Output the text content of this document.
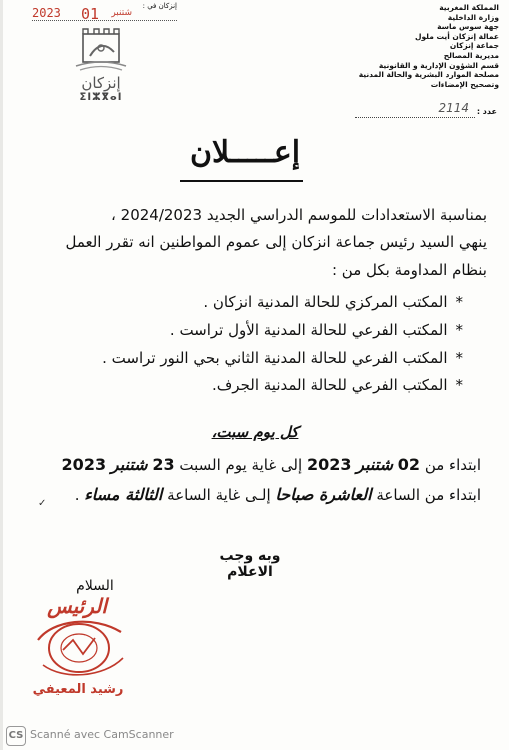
إنزكان في :
01 شتنبر
2023
إنزكان
ⵉⵏⵣⴳⴰⵏ
المملكة المغربية
وزارة الداخلية
جهة سوس ماسة
عمالة إنزكان أيت ملول
جماعة إنزكان
مديرية المصالح
قسم الشؤون الإدارية و القانونية
مصلحة الموارد البشرية والحالة المدنية
وتصحيح الإمضاءات
عدد :
2114
إعـــــلان
بمناسبة الاستعدادات للموسم الدراسي الجديد 2024/2023 ،
ينهي السيد رئيس جماعة انزكان إلى عموم المواطنين انه تقرر العمل
بنظام المداومة بكل من :
*المكتب المركزي للحالة المدنية انزكان .
*المكتب الفرعي للحالة المدنية الأول تراست .
*المكتب الفرعي للحالة المدنية الثاني بحي النور تراست .
*المكتب الفرعي للحالة المدنية الجرف.
كل يوم سبت،
ابتداء من 02 شتنبر 2023 إلى غاية يوم السبت 23 شتنبر 2023
ابتداء من الساعة العاشرة صباحا إلـى غاية الساعة الثالثة مساء .
✓
وبه وجب الاعلام
السلام
الرئيس
رشيد المعيفي
CS Scanné avec CamScanner
